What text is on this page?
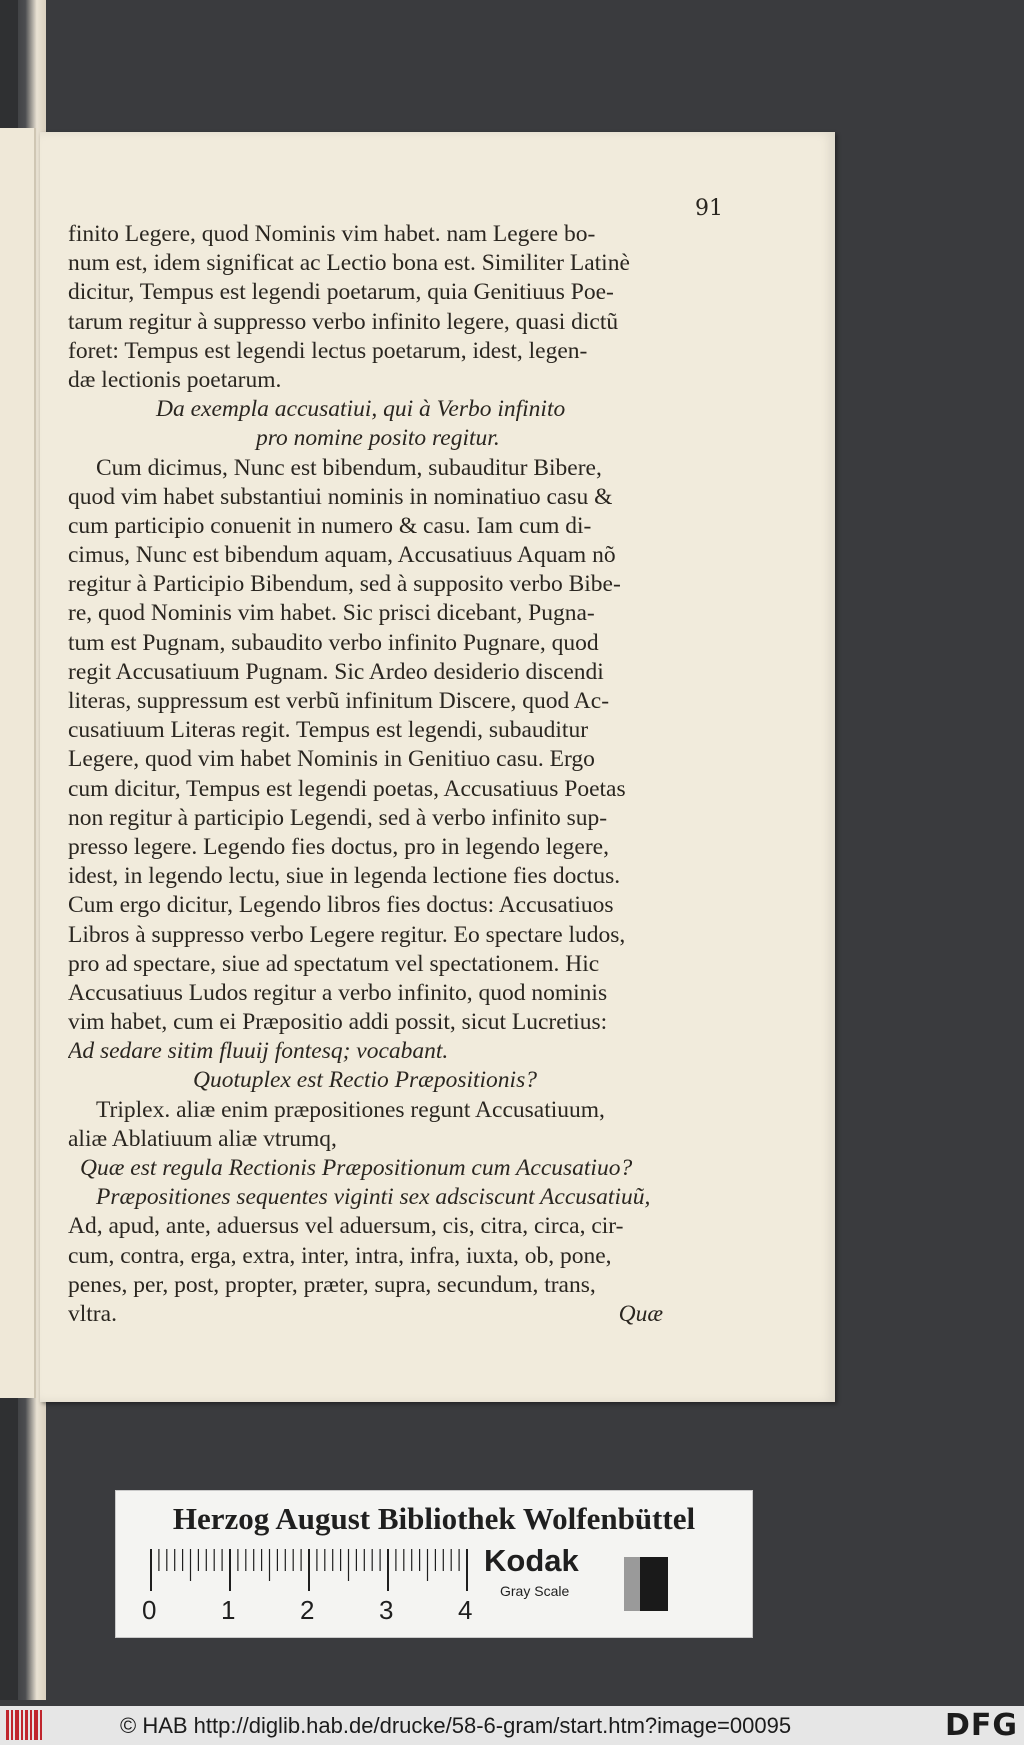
91
finito Legere, quod Nominis vim habet. nam Legere bo-
num est, idem significat ac Lectio bona est. Similiter Latinè
dicitur, Tempus est legendi poetarum, quia Genitiuus Poe-
tarum regitur à suppresso verbo infinito legere, quasi dictũ
foret: Tempus est legendi lectus poetarum, idest, legen-
dæ lectionis poetarum.
Da exempla accusatiui, qui à Verbo infinito
pro nomine posito regitur.
Cum dicimus, Nunc est bibendum, subauditur Bibere,
quod vim habet substantiui nominis in nominatiuo casu &
cum participio conuenit in numero & casu. Iam cum di-
cimus, Nunc est bibendum aquam, Accusatiuus Aquam nõ
regitur à Participio Bibendum, sed à supposito verbo Bibe-
re, quod Nominis vim habet. Sic prisci dicebant, Pugna-
tum est Pugnam, subaudito verbo infinito Pugnare, quod
regit Accusatiuum Pugnam. Sic Ardeo desiderio discendi
literas, suppressum est verbũ infinitum Discere, quod Ac-
cusatiuum Literas regit. Tempus est legendi, subauditur
Legere, quod vim habet Nominis in Genitiuo casu. Ergo
cum dicitur, Tempus est legendi poetas, Accusatiuus Poetas
non regitur à participio Legendi, sed à verbo infinito sup-
presso legere. Legendo fies doctus, pro in legendo legere,
idest, in legendo lectu, siue in legenda lectione fies doctus.
Cum ergo dicitur, Legendo libros fies doctus: Accusatiuos
Libros à suppresso verbo Legere regitur. Eo spectare ludos,
pro ad spectare, siue ad spectatum vel spectationem. Hic
Accusatiuus Ludos regitur a verbo infinito, quod nominis
vim habet, cum ei Præpositio addi possit, sicut Lucretius:
Ad sedare sitim fluuij fontesq; vocabant.
Quotuplex est Rectio Præpositionis?
Triplex. aliæ enim præpositiones regunt Accusatiuum,
aliæ Ablatiuum aliæ vtrumq,
Quæ est regula Rectionis Præpositionum cum Accusatiuo?
Præpositiones sequentes viginti sex adsciscunt Accusatiuũ,
Ad, apud, ante, aduersus vel aduersum, cis, citra, circa, cir-
cum, contra, erga, extra, inter, intra, infra, iuxta, ob, pone,
penes, per, post, propter, præter, supra, secundum, trans,
vltra.	Quæ
Herzog August Bibliothek Wolfenbüttel
0 1 2 3 4
Kodak
Gray Scale
© HAB http://diglib.hab.de/drucke/58-6-gram/start.htm?image=00095	DFG
